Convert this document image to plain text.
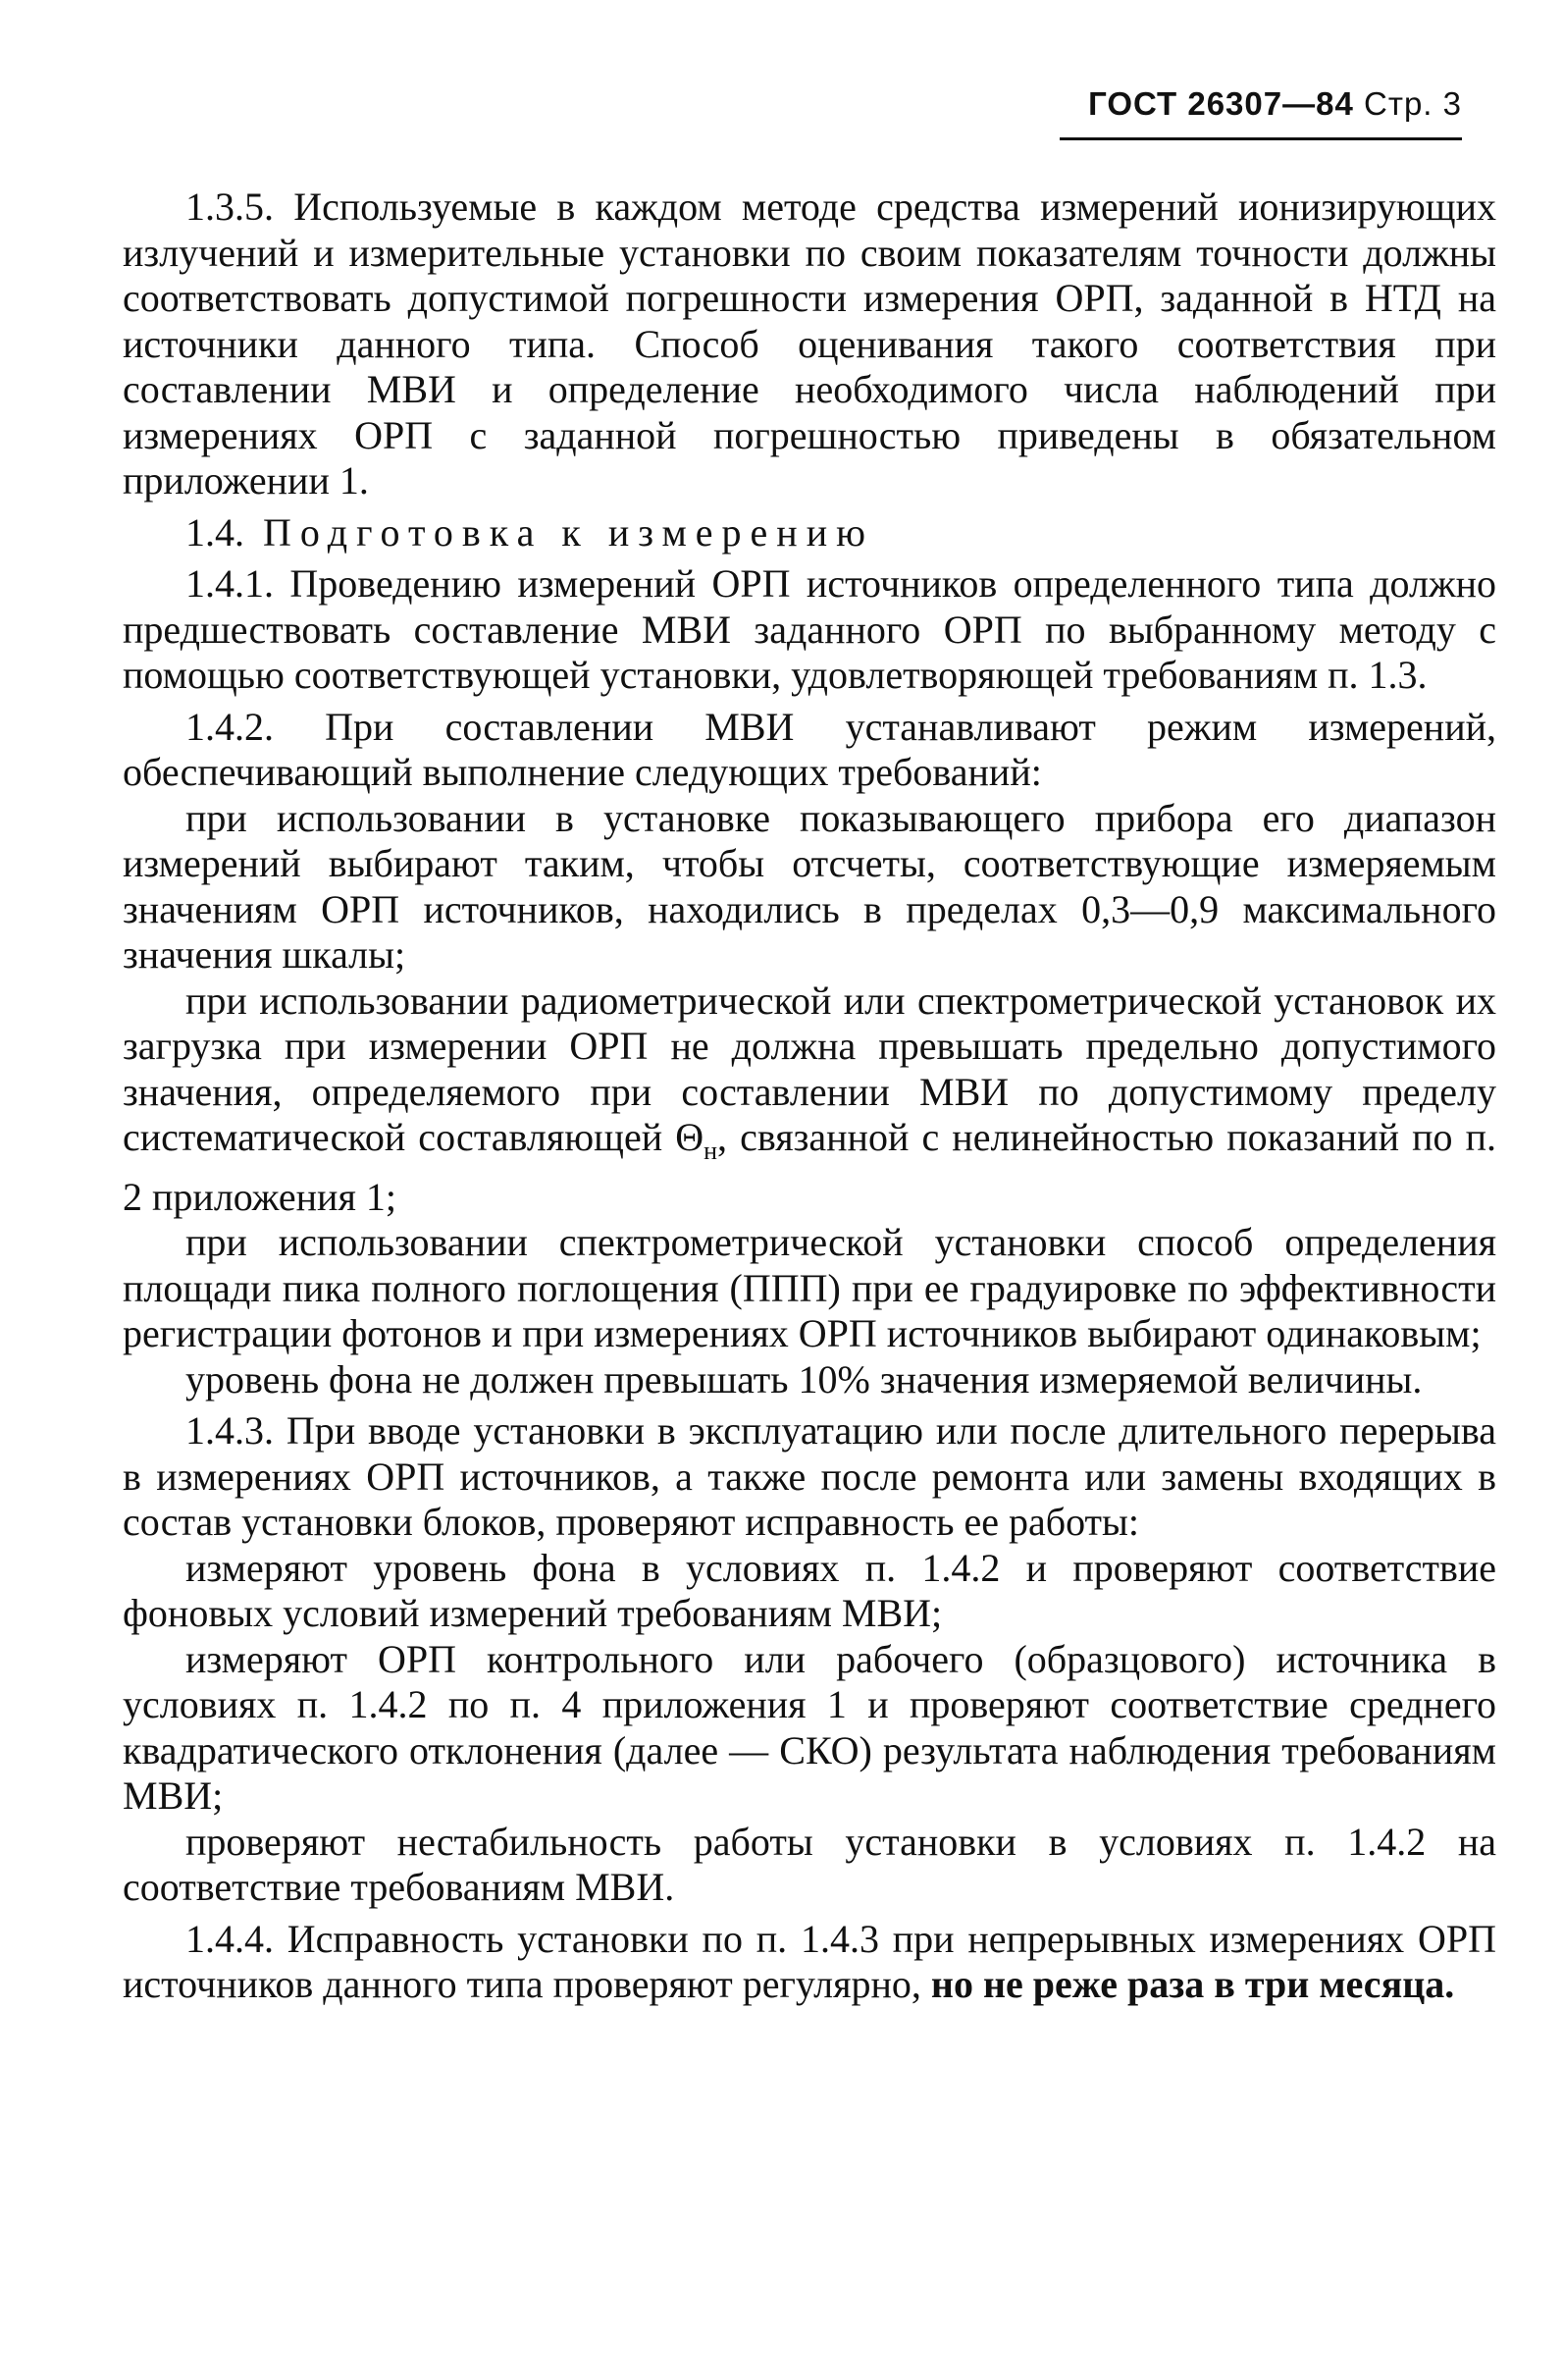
ГОСТ 26307—84 Стр. 3

1.3.5. Используемые в каждом методе средства измерений ионизирующих излучений и измерительные установки по своим показателям точности должны соответствовать допустимой погрешности измерения ОРП, заданной в НТД на источники данного типа. Способ оценивания такого соответствия при составлении МВИ и определение необходимого числа наблюдений при измерениях ОРП с заданной погрешностью приведены в обязательном приложении 1.

1.4. Подготовка к измерению

1.4.1. Проведению измерений ОРП источников определенного типа должно предшествовать составление МВИ заданного ОРП по выбранному методу с помощью соответствующей установки, удовлетворяющей требованиям п. 1.3.

1.4.2. При составлении МВИ устанавливают режим измерений, обеспечивающий выполнение следующих требований:

при использовании в установке показывающего прибора его диапазон измерений выбирают таким, чтобы отсчеты, соответствующие измеряемым значениям ОРП источников, находились в пределах 0,3—0,9 максимального значения шкалы;

при использовании радиометрической или спектрометрической установок их загрузка при измерении ОРП не должна превышать предельно допустимого значения, определяемого при составлении МВИ по допустимому пределу систематической составляющей $\Theta_н$, связанной с нелинейностью показаний по п. 2 приложения 1;

при использовании спектрометрической установки способ определения площади пика полного поглощения (ППП) при ее градуировке по эффективности регистрации фотонов и при измерениях ОРП источников выбирают одинаковым;

уровень фона не должен превышать 10% значения измеряемой величины.

1.4.3. При вводе установки в эксплуатацию или после длительного перерыва в измерениях ОРП источников, а также после ремонта или замены входящих в состав установки блоков, проверяют исправность ее работы:

измеряют уровень фона в условиях п. 1.4.2 и проверяют соответствие фоновых условий измерений требованиям МВИ;

измеряют ОРП контрольного или рабочего (образцового) источника в условиях п. 1.4.2 по п. 4 приложения 1 и проверяют соответствие среднего квадратического отклонения (далее — СКО) результата наблюдения требованиям МВИ;

проверяют нестабильность работы установки в условиях п. 1.4.2 на соответствие требованиям МВИ.

1.4.4. Исправность установки по п. 1.4.3 при непрерывных измерениях ОРП источников данного типа проверяют регулярно, но не реже раза в три месяца.
